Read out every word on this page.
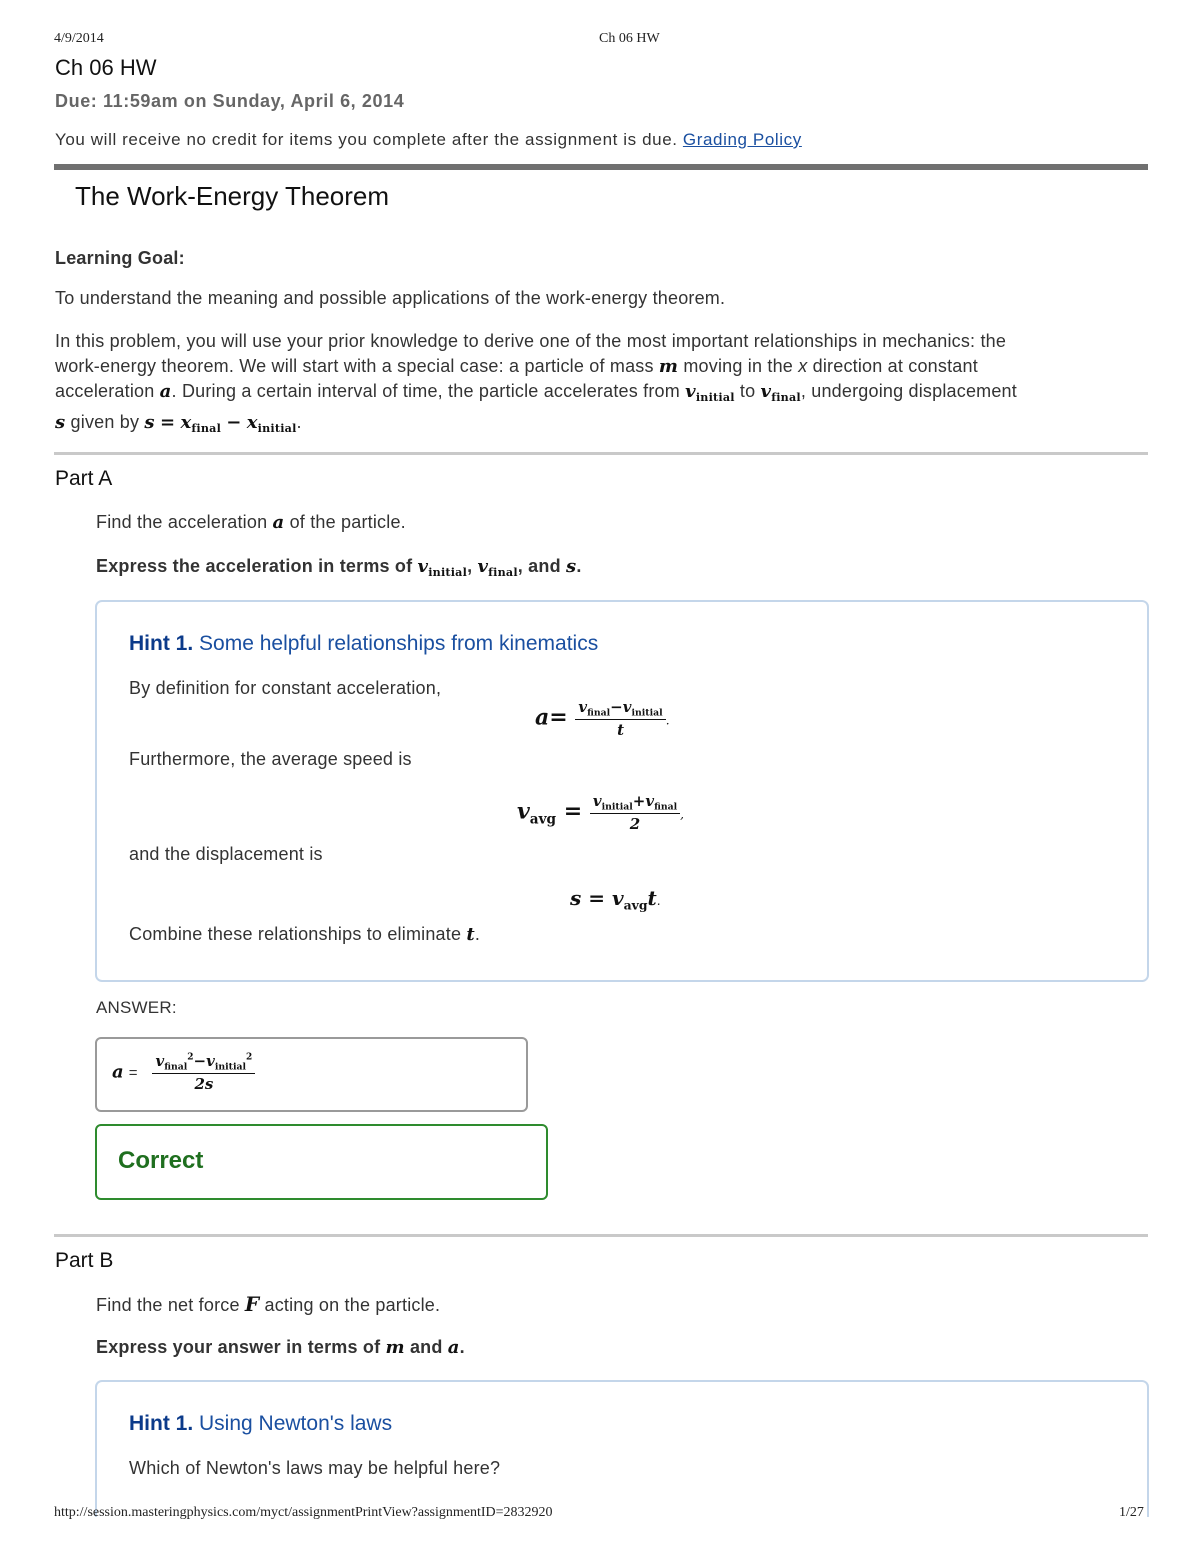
4/9/2014	Ch 06 HW
Ch 06 HW
Due: 11:59am on Sunday, April 6, 2014
You will receive no credit for items you complete after the assignment is due. Grading Policy
The Work-Energy Theorem
Learning Goal:
To understand the meaning and possible applications of the work-energy theorem.
In this problem, you will use your prior knowledge to derive one of the most important relationships in mechanics: the
work-energy theorem. We will start with a special case: a particle of mass m moving in the x direction at constant
acceleration a. During a certain interval of time, the particle accelerates from $v_{initial}$ to $v_{final}$, undergoing displacement
s given by $s = x_{final} - x_{initial}$.
Part A
Find the acceleration a of the particle.
Express the acceleration in terms of $v_{initial}$, $v_{final}$, and s.
Hint 1. Some helpful relationships from kinematics
By definition for constant acceleration,
$a= \frac{v_{final}-v_{initial}}{t}$ .
Furthermore, the average speed is
$v_{avg} = \frac{v_{initial}+v_{final}}{2}$ ,
and the displacement is
$s = v_{avg}t$.
Combine these relationships to eliminate t.
ANSWER:
$a = \frac{v_{final}^2-v_{initial}^2}{2s}$
Correct
Part B
Find the net force F acting on the particle.
Express your answer in terms of m and a.
Hint 1. Using Newton's laws
Which of Newton's laws may be helpful here?
http://session.masteringphysics.com/myct/assignmentPrintView?assignmentID=2832920	1/27
